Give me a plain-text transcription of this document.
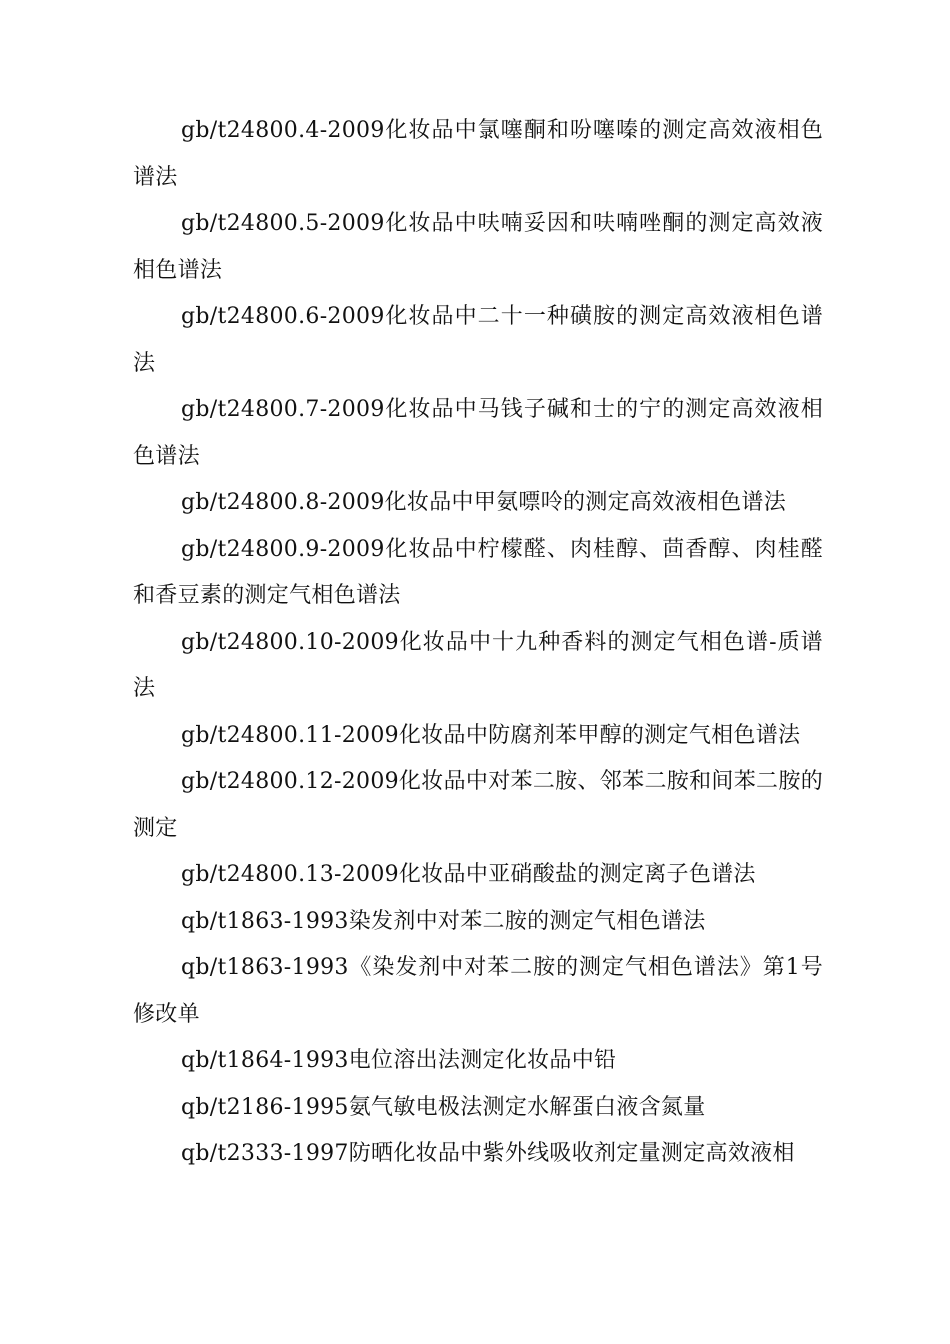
gb/t24800.4-2009化妆品中氯噻酮和吩噻嗪的测定高效液相色谱法

gb/t24800.5-2009化妆品中呋喃妥因和呋喃唑酮的测定高效液相色谱法

gb/t24800.6-2009化妆品中二十一种磺胺的测定高效液相色谱法

gb/t24800.7-2009化妆品中马钱子碱和士的宁的测定高效液相色谱法

gb/t24800.8-2009化妆品中甲氨嘌呤的测定高效液相色谱法

gb/t24800.9-2009化妆品中柠檬醛、肉桂醇、茴香醇、肉桂醛和香豆素的测定气相色谱法

gb/t24800.10-2009化妆品中十九种香料的测定气相色谱-质谱法

gb/t24800.11-2009化妆品中防腐剂苯甲醇的测定气相色谱法

gb/t24800.12-2009化妆品中对苯二胺、邻苯二胺和间苯二胺的测定

gb/t24800.13-2009化妆品中亚硝酸盐的测定离子色谱法

qb/t1863-1993染发剂中对苯二胺的测定气相色谱法

qb/t1863-1993《染发剂中对苯二胺的测定气相色谱法》第1号修改单

qb/t1864-1993电位溶出法测定化妆品中铅

qb/t2186-1995氨气敏电极法测定水解蛋白液含氮量

qb/t2333-1997防晒化妆品中紫外线吸收剂定量测定高效液相
